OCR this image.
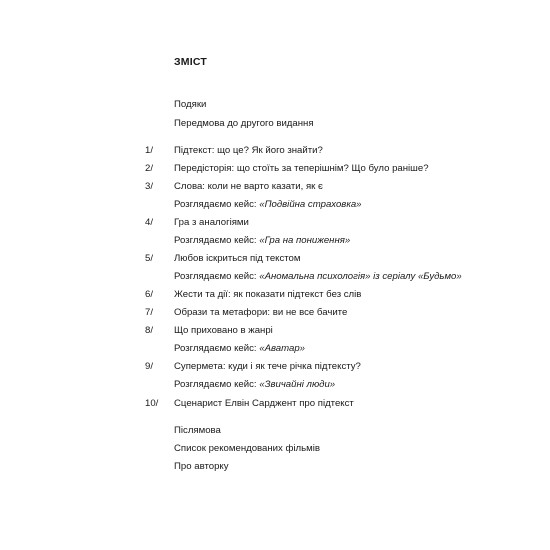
ЗМІСТ
Подяки
Передмова до другого видання
1/ Підтекст: що це? Як його знайти?
2/ Передісторія: що стоїть за теперішнім? Що було раніше?
3/ Слова: коли не варто казати, як є
Розглядаємо кейс: «Подвійна страховка»
4/ Гра з аналогіями
Розглядаємо кейс: «Гра на пониження»
5/ Любов іскриться під текстом
Розглядаємо кейс: «Аномальна психологія» із серіалу «Будьмо»
6/ Жести та дії: як показати підтекст без слів
7/ Образи та метафори: ви не все бачите
8/ Що приховано в жанрі
Розглядаємо кейс: «Аватар»
9/ Супермета: куди і як тече річка підтексту?
Розглядаємо кейс: «Звичайні люди»
10/ Сценарист Елвін Сарджент про підтекст
Післямова
Список рекомендованих фільмів
Про авторку
